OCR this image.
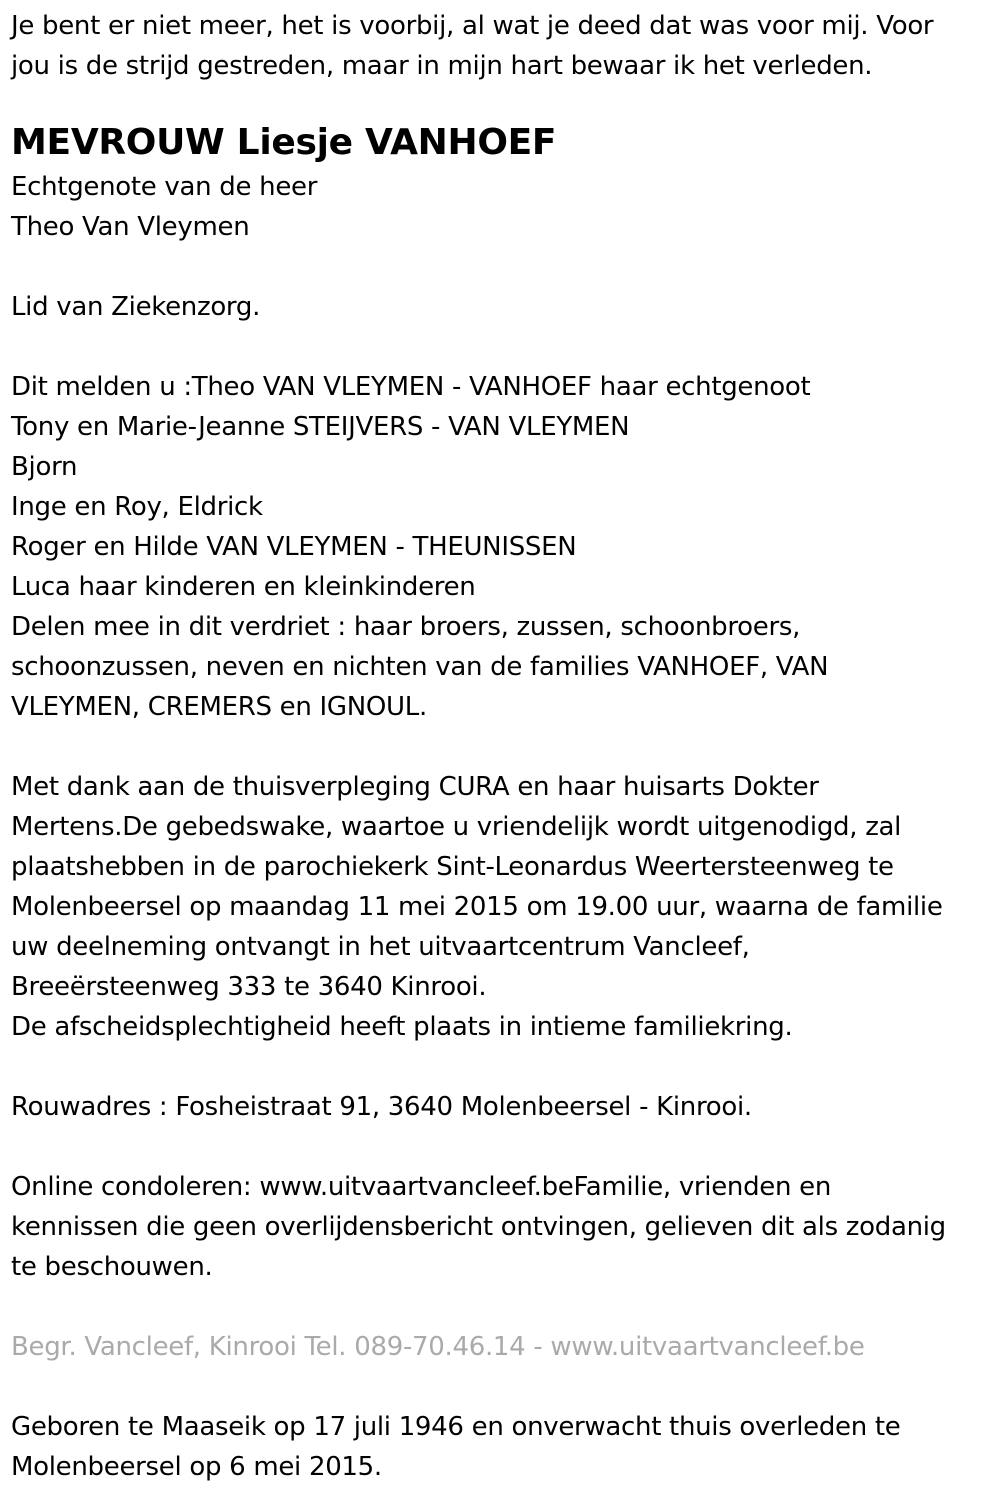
Je bent er niet meer, het is voorbij, al wat je deed dat was voor mij. Voor
jou is de strijd gestreden, maar in mijn hart bewaar ik het verleden.
MEVROUW Liesje VANHOEF
Echtgenote van de heer
Theo Van Vleymen
Lid van Ziekenzorg.
Dit melden u :Theo VAN VLEYMEN - VANHOEF haar echtgenoot
Tony en Marie-Jeanne STEIJVERS - VAN VLEYMEN
Bjorn
Inge en Roy, Eldrick
Roger en Hilde VAN VLEYMEN - THEUNISSEN
Luca haar kinderen en kleinkinderen
Delen mee in dit verdriet : haar broers, zussen, schoonbroers,
schoonzussen, neven en nichten van de families VANHOEF, VAN
VLEYMEN, CREMERS en IGNOUL.
Met dank aan de thuisverpleging CURA en haar huisarts Dokter
Mertens.De gebedswake, waartoe u vriendelijk wordt uitgenodigd, zal
plaatshebben in de parochiekerk Sint-Leonardus Weertersteenweg te
Molenbeersel op maandag 11 mei 2015 om 19.00 uur, waarna de familie
uw deelneming ontvangt in het uitvaartcentrum Vancleef,
Breeërsteenweg 333 te 3640 Kinrooi.
De afscheidsplechtigheid heeft plaats in intieme familiekring.
Rouwadres : Fosheistraat 91, 3640 Molenbeersel - Kinrooi.
Online condoleren: www.uitvaartvancleef.beFamilie, vrienden en
kennissen die geen overlijdensbericht ontvingen, gelieven dit als zodanig
te beschouwen.
Begr. Vancleef, Kinrooi Tel. 089-70.46.14 - www.uitvaartvancleef.be
Geboren te Maaseik op 17 juli 1946 en onverwacht thuis overleden te
Molenbeersel op 6 mei 2015.
